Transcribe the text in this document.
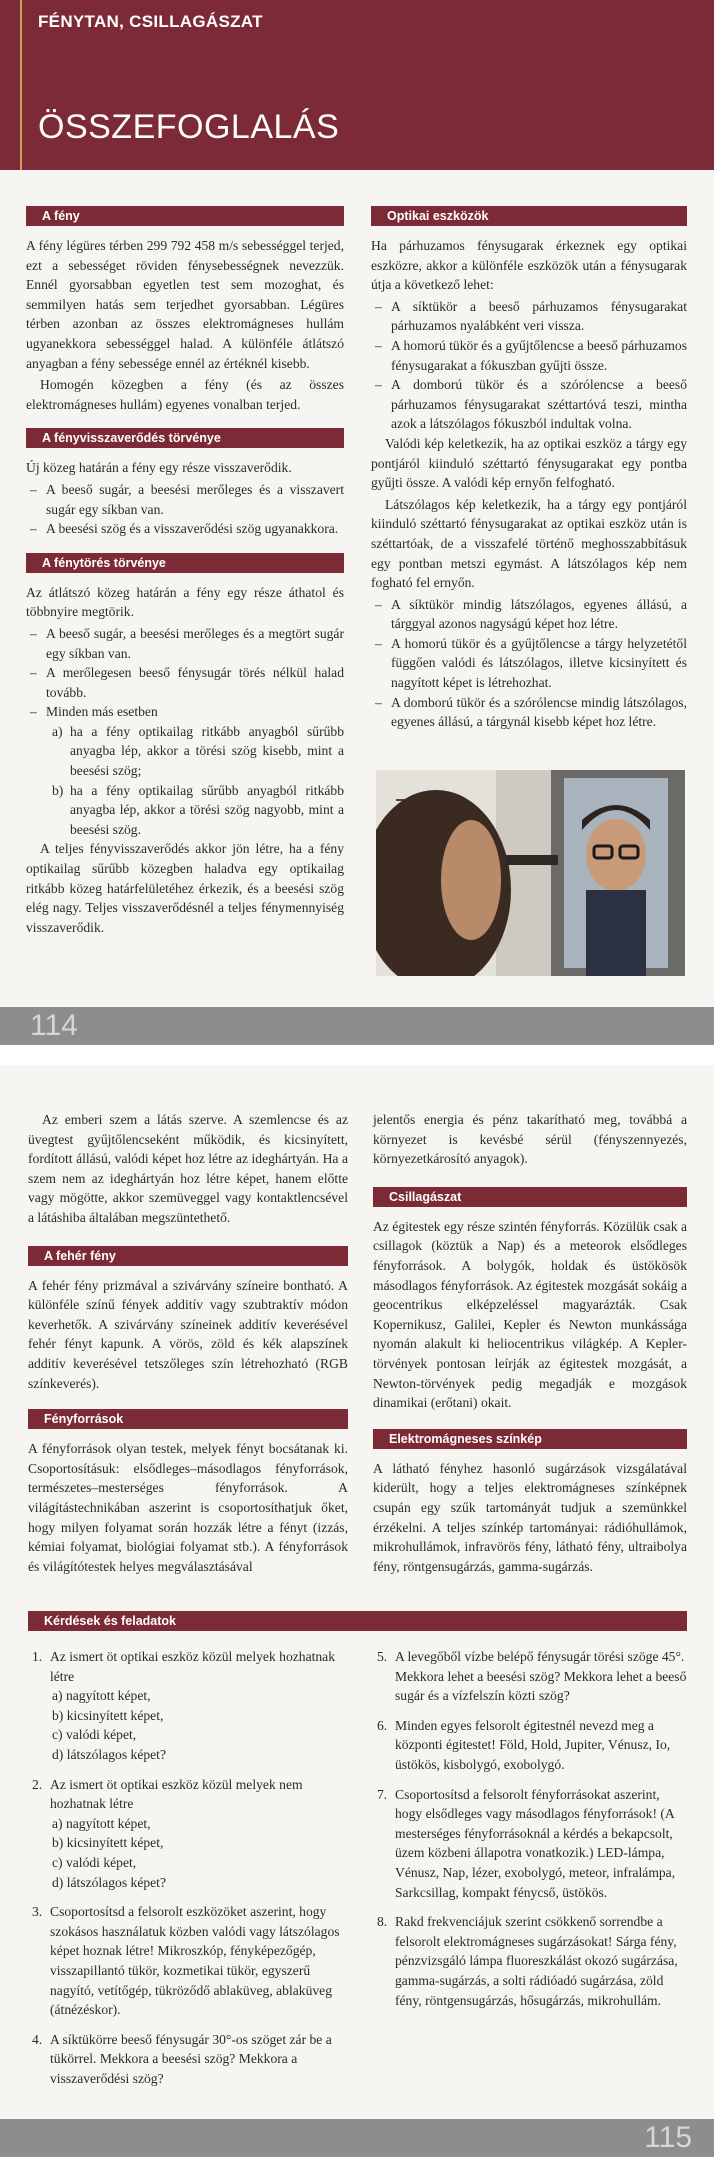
FÉNYTAN, CSILLAGÁSZAT
ÖSSZEFOGLALÁS
A fény

A fény légüres térben 299 792 458 m/s sebességgel terjed, ezt a sebességet röviden fénysebességnek nevezzük. Ennél gyorsabban egyetlen test sem mozoghat, és semmilyen hatás sem terjedhet gyorsabban. Légüres térben azonban az összes elektromágneses hullám ugyanekkora sebességgel halad. A különféle átlátszó anyagban a fény sebessége ennél az értéknél kisebb.

Homogén közegben a fény (és az összes elektromágneses hullám) egyenes vonalban terjed.

A fényvisszaverődés törvénye

Új közeg határán a fény egy része visszaverődik.

– A beeső sugár, a beesési merőleges és a visszavert sugár egy síkban van.
– A beesési szög és a visszaverődési szög ugyanakkora.
A fénytörés törvénye

Az átlátszó közeg határán a fény egy része áthatol és többnyire megtörik.

– A beeső sugár, a beesési merőleges és a megtört sugár egy síkban van.
– A merőlegesen beeső fénysugár törés nélkül halad tovább.
– Minden más esetben
a) ha a fény optikailag ritkább anyagból sűrűbb anyagba lép, akkor a törési szög kisebb, mint a beesési szög;
b) ha a fény optikailag sűrűbb anyagból ritkább anyagba lép, akkor a törési szög nagyobb, mint a beesési szög.

A teljes fényvisszaverődés akkor jön létre, ha a fény optikailag sűrűbb közegben haladva egy optikailag ritkább közeg határfelületéhez érkezik, és a beesési szög elég nagy. Teljes visszaverődésnél a teljes fénymennyiség visszaverődik.

Optikai eszközök

Ha párhuzamos fénysugarak érkeznek egy optikai eszközre, akkor a különféle eszközök után a fénysugarak útja a következő lehet:

– A síktükör a beeső párhuzamos fénysugarakat párhuzamos nyalábként veri vissza.
– A homorú tükör és a gyűjtőlencse a beeső párhuzamos fénysugarakat a fókuszban gyűjti össze.
– A domború tükör és a szórólencse a beeső párhuzamos fénysugarakat széttartóvá teszi, mintha azok a látszólagos fókuszból indultak volna.

Valódi kép keletkezik, ha az optikai eszköz a tárgy egy pontjáról kiinduló széttartó fénysugarakat egy pontba gyűjti össze. A valódi kép ernyőn felfogható.

Látszólagos kép keletkezik, ha a tárgy egy pontjáról kiinduló széttartó fénysugarakat az optikai eszköz után is széttartóak, de a visszafelé történő meghosszabbításuk egy pontban metszi egymást. A látszólagos kép nem fogható fel ernyőn.

– A síktükör mindig látszólagos, egyenes állású, a tárggyal azonos nagyságú képet hoz létre.
– A homorú tükör és a gyűjtőlencse a tárgy helyzetétől függően valódi és látszólagos, illetve kicsinyített és nagyított képet is létrehozhat.
– A domború tükör és a szórólencse mindig látszólagos, egyenes állású, a tárgynál kisebb képet hoz létre.
114

Az emberi szem a látás szerve. A szemlencse és az üvegtest gyűjtőlencseként működik, és kicsinyített, fordított állású, valódi képet hoz létre az ideghártyán. Ha a szem nem az ideghártyán hoz létre képet, hanem előtte vagy mögötte, akkor szemüveggel vagy kontaktlencsével a látáshiba általában megszüntethető.

A fehér fény

A fehér fény prizmával a szivárvány színeire bontható. A különféle színű fények additív vagy szubtraktív módon keverhetők. A szivárvány színeinek additív keverésével fehér fényt kapunk. A vörös, zöld és kék alapszínek additív keverésével tetszőleges szín létrehozható (RGB színkeverés).

Fényforrások

A fényforrások olyan testek, melyek fényt bocsátanak ki. Csoportosításuk: elsődleges–másodlagos fényforrások, természetes–mesterséges fényforrások. A világítástechnikában aszerint is csoportosíthatjuk őket, hogy milyen folyamat során hozzák létre a fényt (izzás, kémiai folyamat, biológiai folyamat stb.). A fényforrások és világítótestek helyes megválasztásával

jelentős energia és pénz takarítható meg, továbbá a környezet is kevésbé sérül (fényszennyezés, környezetkárosító anyagok).

Csillagászat

Az égitestek egy része szintén fényforrás. Közülük csak a csillagok (köztük a Nap) és a meteorok elsődleges fényforrások. A bolygók, holdak és üstökösök másodlagos fényforrások. Az égitestek mozgását sokáig a geocentrikus elképzeléssel magyarázták. Csak Kopernikusz, Galilei, Kepler és Newton munkássága nyomán alakult ki heliocentrikus világkép. A Kepler-törvények pontosan leírják az égitestek mozgását, a Newton-törvények pedig megadják e mozgások dinamikai (erőtani) okait.

Elektromágneses színkép

A látható fényhez hasonló sugárzások vizsgálatával kiderült, hogy a teljes elektromágneses színképnek csupán egy szűk tartományát tudjuk a szemünkkel érzékelni. A teljes színkép tartományai: rádióhullámok, mikrohullámok, infravörös fény, látható fény, ultraibolya fény, röntgensugárzás, gamma-sugárzás.

Kérdések és feladatok
1. Az ismert öt optikai eszköz közül melyek hozhatnak létre
a) nagyított képet,
b) kicsinyített képet,
c) valódi képet,
d) látszólagos képet?
2. Az ismert öt optikai eszköz közül melyek nem hozhatnak létre
a) nagyított képet,
b) kicsinyített képet,
c) valódi képet,
d) látszólagos képet?
3. Csoportosítsd a felsorolt eszközöket aszerint, hogy szokásos használatuk közben valódi vagy látszólagos képet hoznak létre! Mikroszkóp, fényképezőgép, visszapillantó tükör, kozmetikai tükör, egyszerű nagyító, vetítőgép, tükröződő ablaküveg, ablaküveg (átnézéskor).
4. A síktükörre beeső fénysugár 30°-os szöget zár be a tükörrel. Mekkora a beesési szög? Mekkora a visszaverődési szög?
5. A levegőből vízbe belépő fénysugár törési szöge 45°. Mekkora lehet a beesési szög? Mekkora lehet a beeső sugár és a vízfelszín közti szög?
6. Minden egyes felsorolt égitestnél nevezd meg a központi égitestet! Föld, Hold, Jupiter, Vénusz, Io, üstökös, kisbolygó, exobolygó.
7. Csoportosítsd a felsorolt fényforrásokat aszerint, hogy elsődleges vagy másodlagos fényforrások! (A mesterséges fényforrásoknál a kérdés a bekapcsolt, üzem közbeni állapotra vonatkozik.) LED-lámpa, Vénusz, Nap, lézer, exobolygó, meteor, infralámpa, Sarkcsillag, kompakt fénycső, üstökös.
8. Rakd frekvenciájuk szerint csökkenő sorrendbe a felsorolt elektromágneses sugárzásokat! Sárga fény, pénzvizsgáló lámpa fluoreszkálást okozó sugárzása, gamma-sugárzás, a solti rádióadó sugárzása, zöld fény, röntgensugárzás, hősugárzás, mikrohullám.
115
